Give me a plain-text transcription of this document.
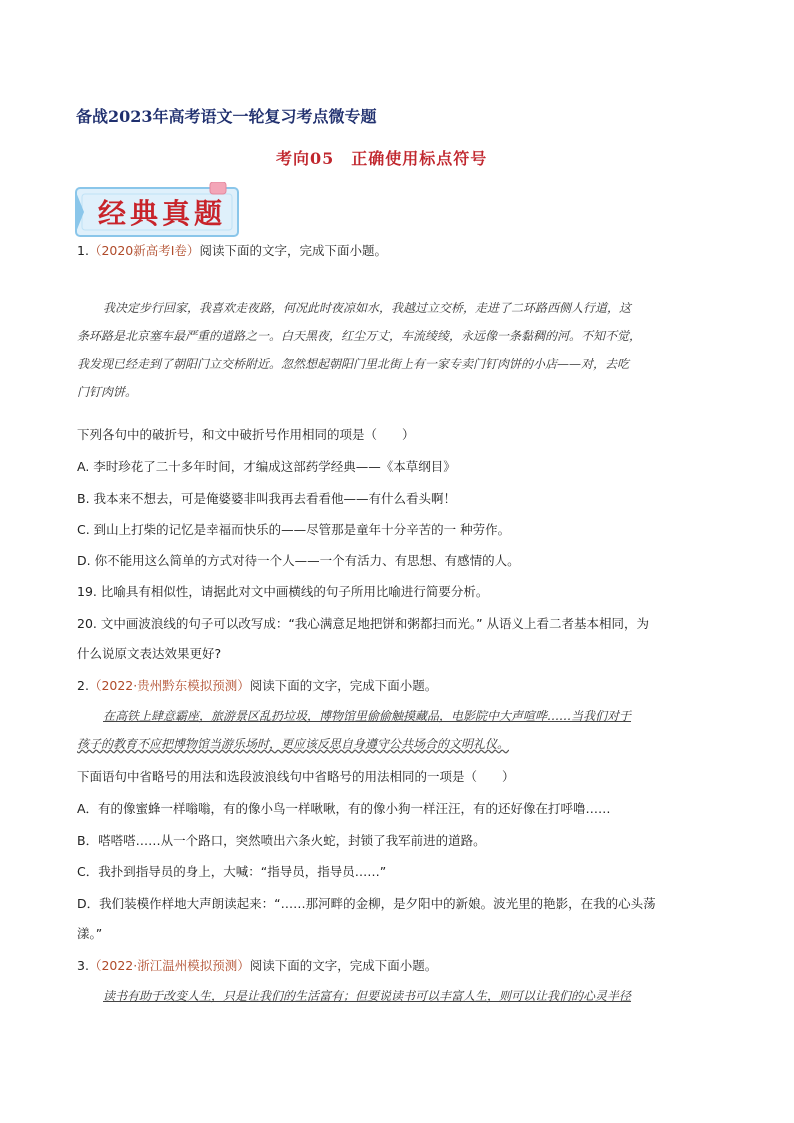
备战2023年高考语文一轮复习考点微专题
考向05　正确使用标点符号
经典真题
1.（2020新高考Ⅰ卷）阅读下面的文字，完成下面小题。
我决定步行回家，我喜欢走夜路，何况此时夜凉如水，我越过立交桥，走进了二环路西侧人行道，这
条环路是北京塞车最严重的道路之一。白天黑夜，红尘万丈，车流绫绫，永远像一条黏稠的河。不知不觉，
我发现已经走到了朝阳门立交桥附近。忽然想起朝阳门里北街上有一家专卖门钉肉饼的小店——对，去吃
门钉肉饼。
下列各句中的破折号，和文中破折号作用相同的项是（　　）
A. 李时珍花了二十多年时间，才编成这部药学经典——《本草纲目》
B. 我本来不想去，可是俺婆婆非叫我再去看看他——有什么看头啊！
C. 到山上打柴的记忆是幸福而快乐的——尽管那是童年十分辛苦的一 种劳作。
D. 你不能用这么简单的方式对待一个人——一个有活力、有思想、有感情的人。
19. 比喻具有相似性，请据此对文中画横线的句子所用比喻进行简要分析。
20. 文中画波浪线的句子可以改写成：“我心满意足地把饼和粥都扫而光。” 从语义上看二者基本相同，为
什么说原文表达效果更好?
2.（2022·贵州黔东模拟预测）阅读下面的文字，完成下面小题。
在高铁上肆意霸座，旅游景区乱扔垃圾，博物馆里偷偷触摸藏品，电影院中大声喧哗……当我们对于
孩子的教育不应把博物馆当游乐场时，更应该反思自身遵守公共场合的文明礼仪。
下面语句中省略号的用法和选段波浪线句中省略号的用法相同的一项是（　　）
A．有的像蜜蜂一样嗡嗡，有的像小鸟一样啾啾，有的像小狗一样汪汪，有的还好像在打呼噜……
B．嗒嗒嗒……从一个路口，突然喷出六条火蛇，封锁了我军前进的道路。
C．我扑到指导员的身上，大喊：“指导员，指导员……”
D．我们装模作样地大声朗读起来：“……那河畔的金柳，是夕阳中的新娘。波光里的艳影，在我的心头荡
漾。”
3.（2022·浙江温州模拟预测）阅读下面的文字，完成下面小题。
读书有助于改变人生，只是让我们的生活富有；但要说读书可以丰富人生，则可以让我们的心灵半径
